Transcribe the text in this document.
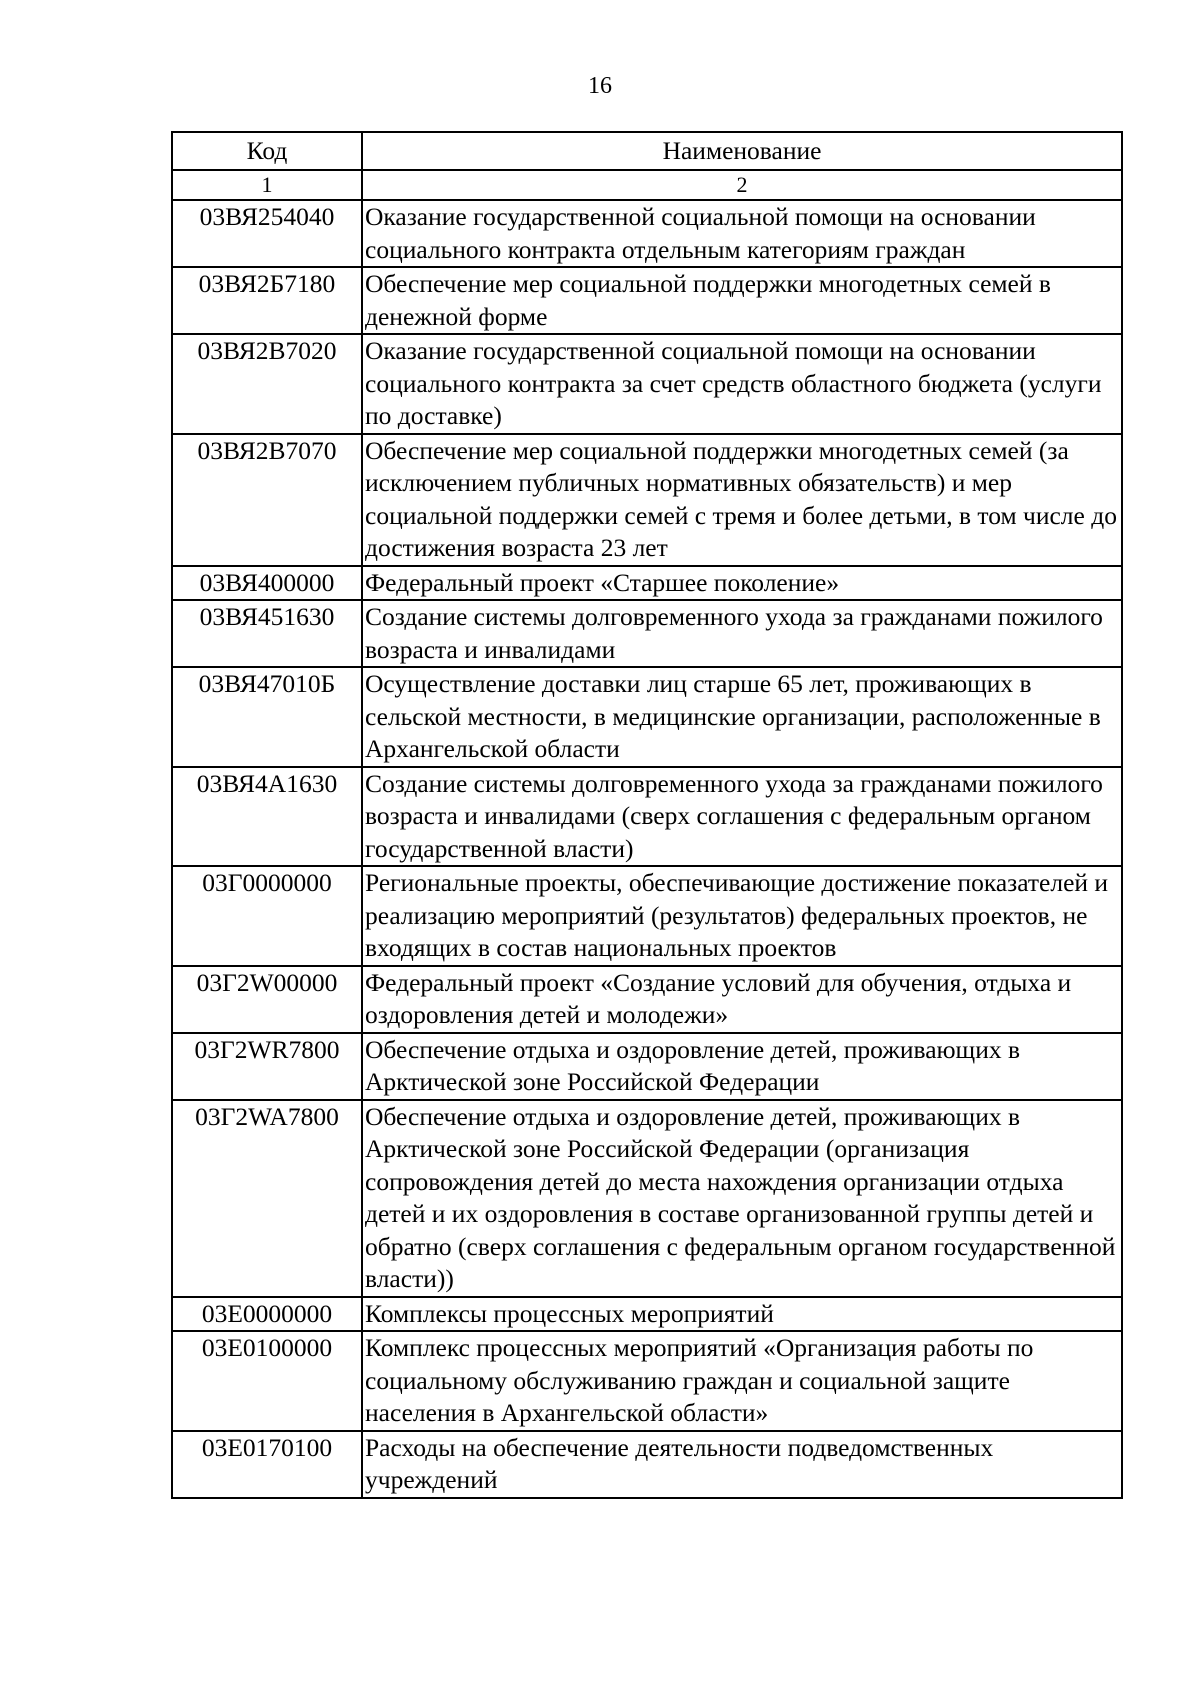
16
Код	Наименование
1	2
03ВЯ254040	Оказание государственной социальной помощи на основании социального контракта отдельным категориям граждан
03ВЯ2Б7180	Обеспечение мер социальной поддержки многодетных семей в денежной форме
03ВЯ2В7020	Оказание государственной социальной помощи на основании социального контракта за счет средств областного бюджета (услуги по доставке)
03ВЯ2В7070	Обеспечение мер социальной поддержки многодетных семей (за исключением публичных нормативных обязательств) и мер социальной поддержки семей с тремя и более детьми, в том числе до достижения возраста 23 лет
03ВЯ400000	Федеральный проект «Старшее поколение»
03ВЯ451630	Создание системы долговременного ухода за гражданами пожилого возраста и инвалидами
03ВЯ47010Б	Осуществление доставки лиц старше 65 лет, проживающих в сельской местности, в медицинские организации, расположенные в Архангельской области
03ВЯ4А1630	Создание системы долговременного ухода за гражданами пожилого возраста и инвалидами (сверх соглашения с федеральным органом государственной власти)
03Г0000000	Региональные проекты, обеспечивающие достижение показателей и реализацию мероприятий (результатов) федеральных проектов, не входящих в состав национальных проектов
03Г2W00000	Федеральный проект «Создание условий для обучения, отдыха и оздоровления детей и молодежи»
03Г2WR7800	Обеспечение отдыха и оздоровление детей, проживающих в Арктической зоне Российской Федерации
03Г2WA7800	Обеспечение отдыха и оздоровление детей, проживающих в Арктической зоне Российской Федерации (организация сопровождения детей до места нахождения организации отдыха детей и их оздоровления в составе организованной группы детей и обратно (сверх соглашения с федеральным органом государственной власти))
03Е0000000	Комплексы процессных мероприятий
03Е0100000	Комплекс процессных мероприятий «Организация работы по социальному обслуживанию граждан и социальной защите населения в Архангельской области»
03Е0170100	Расходы на обеспечение деятельности подведомственных учреждений
